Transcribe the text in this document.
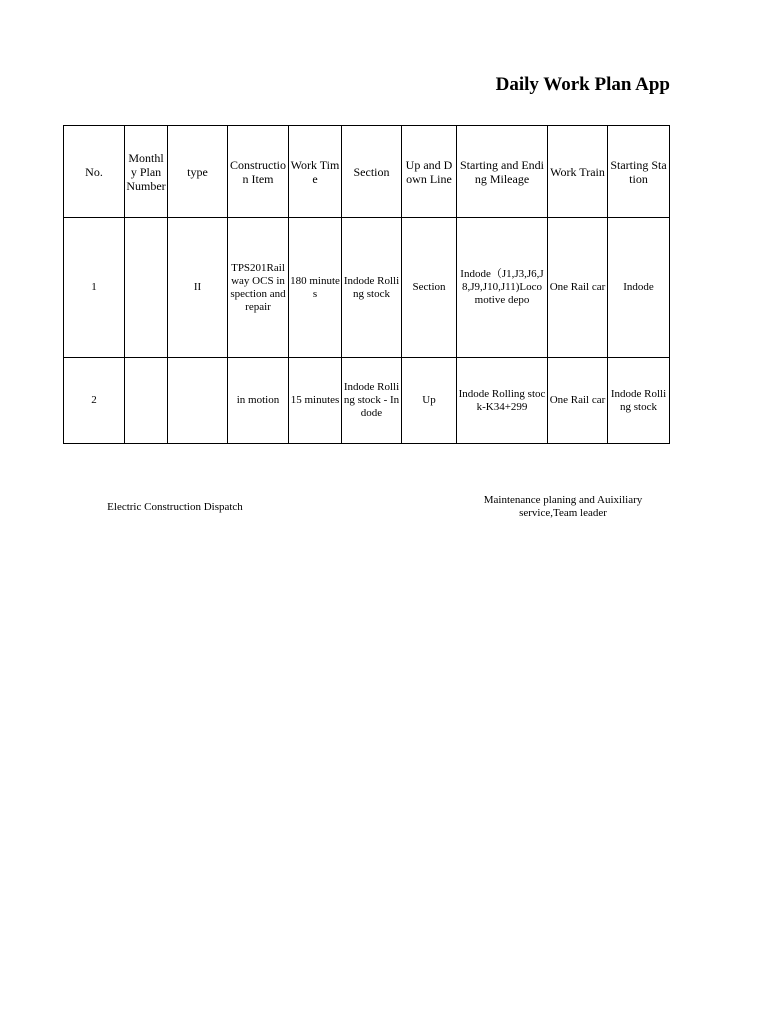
Daily Work Plan App
No.	Monthly Plan Number	type	Construction Item	Work Time	Section	Up and Down Line	Starting and Ending Mileage	Work Train	Starting Station
1		II	TPS201Railway OCS inspection and repair	180 minutes	Indode Rolling stock	Section	Indode（J1,J3,J6,J8,J9,J10,J11)Locomotive depo	One Rail car	Indode
2			in motion	15 minutes	Indode Rolling stock - Indode	Up	Indode Rolling stock-K34+299	One Rail car	Indode Rolling stock
Electric Construction Dispatch
Maintenance planing and Auixiliary service,Team leader
